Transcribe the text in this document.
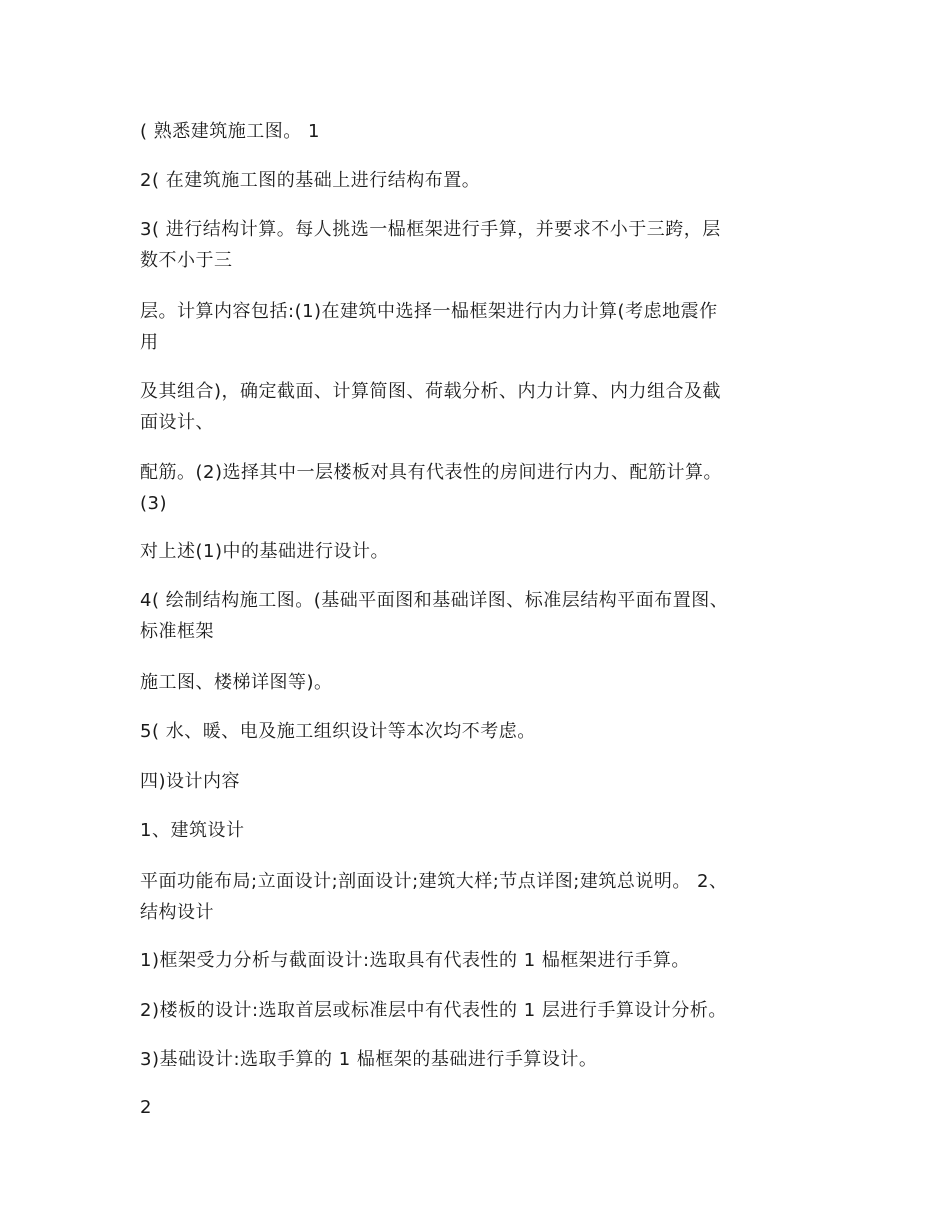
( 熟悉建筑施工图。 1

2( 在建筑施工图的基础上进行结构布置。

3( 进行结构计算。每人挑选一榀框架进行手算，并要求不小于三跨，层
数不小于三

层。计算内容包括:(1)在建筑中选择一榀框架进行内力计算(考虑地震作
用

及其组合)，确定截面、计算简图、荷载分析、内力计算、内力组合及截
面设计、

配筋。(2)选择其中一层楼板对具有代表性的房间进行内力、配筋计算。
(3)

对上述(1)中的基础进行设计。

4( 绘制结构施工图。(基础平面图和基础详图、标准层结构平面布置图、
标准框架

施工图、楼梯详图等)。

5( 水、暖、电及施工组织设计等本次均不考虑。

四)设计内容

1、建筑设计

平面功能布局;立面设计;剖面设计;建筑大样;节点详图;建筑总说明。 2、
结构设计

1)框架受力分析与截面设计:选取具有代表性的 1 榀框架进行手算。

2)楼板的设计:选取首层或标准层中有代表性的 1 层进行手算设计分析。

3)基础设计:选取手算的 1 榀框架的基础进行手算设计。

2
